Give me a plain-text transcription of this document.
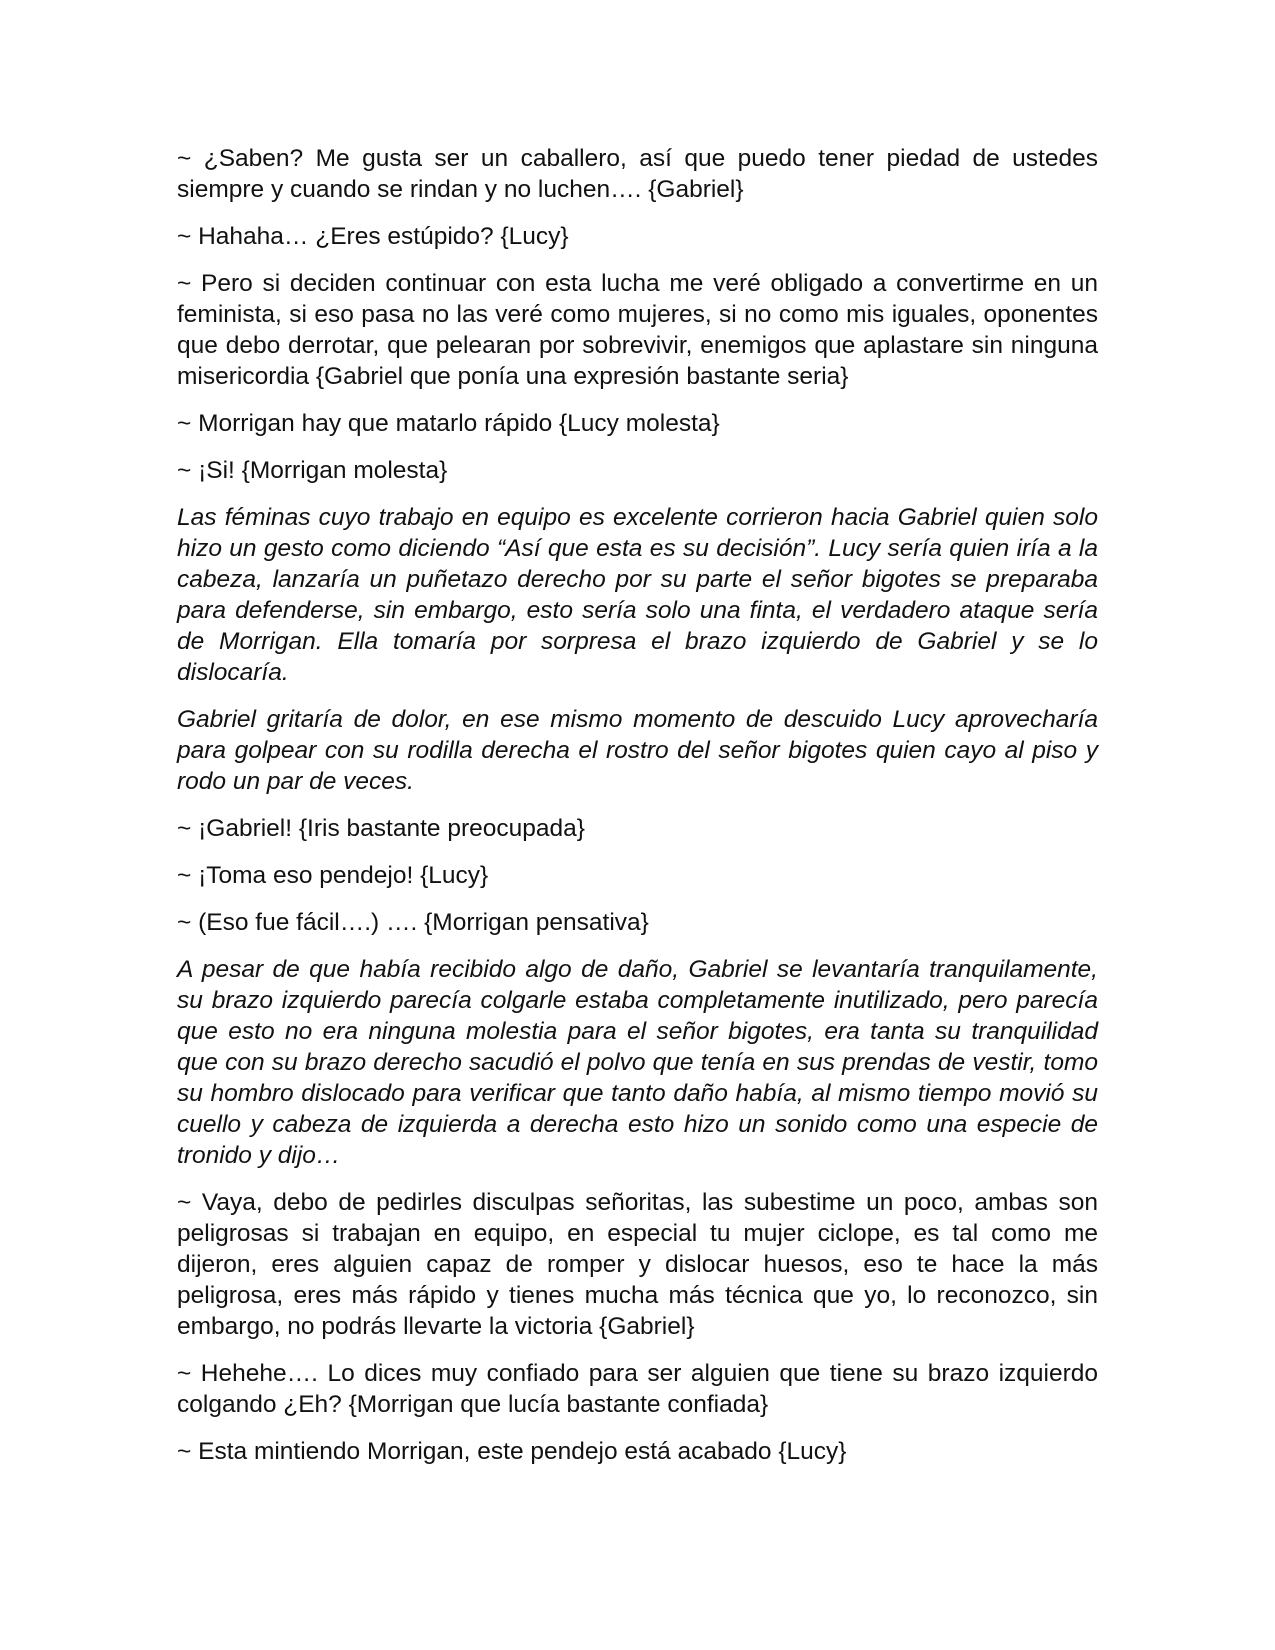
~ ¿Saben? Me gusta ser un caballero, así que puedo tener piedad de ustedes siempre y cuando se rindan y no luchen…. {Gabriel}

~ Hahaha… ¿Eres estúpido? {Lucy}

~ Pero si deciden continuar con esta lucha me veré obligado a convertirme en un feminista, si eso pasa no las veré como mujeres, si no como mis iguales, oponentes que debo derrotar, que pelearan por sobrevivir, enemigos que aplastare sin ninguna misericordia {Gabriel que ponía una expresión bastante seria}

~ Morrigan hay que matarlo rápido {Lucy molesta}

~ ¡Si! {Morrigan molesta}

Las féminas cuyo trabajo en equipo es excelente corrieron hacia Gabriel quien solo hizo un gesto como diciendo “Así que esta es su decisión”. Lucy sería quien iría a la cabeza, lanzaría un puñetazo derecho por su parte el señor bigotes se preparaba para defenderse, sin embargo, esto sería solo una finta, el verdadero ataque sería de Morrigan. Ella tomaría por sorpresa el brazo izquierdo de Gabriel y se lo dislocaría.

Gabriel gritaría de dolor, en ese mismo momento de descuido Lucy aprovecharía para golpear con su rodilla derecha el rostro del señor bigotes quien cayo al piso y rodo un par de veces.

~ ¡Gabriel! {Iris bastante preocupada}

~ ¡Toma eso pendejo! {Lucy}

~ (Eso fue fácil….) …. {Morrigan pensativa}

A pesar de que había recibido algo de daño, Gabriel se levantaría tranquilamente, su brazo izquierdo parecía colgarle estaba completamente inutilizado, pero parecía que esto no era ninguna molestia para el señor bigotes, era tanta su tranquilidad que con su brazo derecho sacudió el polvo que tenía en sus prendas de vestir, tomo su hombro dislocado para verificar que tanto daño había, al mismo tiempo movió su cuello y cabeza de izquierda a derecha esto hizo un sonido como una especie de tronido y dijo…

~ Vaya, debo de pedirles disculpas señoritas, las subestime un poco, ambas son peligrosas si trabajan en equipo, en especial tu mujer ciclope, es tal como me dijeron, eres alguien capaz de romper y dislocar huesos, eso te hace la más peligrosa, eres más rápido y tienes mucha más técnica que yo, lo reconozco, sin embargo, no podrás llevarte la victoria {Gabriel}

~ Hehehe…. Lo dices muy confiado para ser alguien que tiene su brazo izquierdo colgando ¿Eh? {Morrigan que lucía bastante confiada}

~ Esta mintiendo Morrigan, este pendejo está acabado {Lucy}
